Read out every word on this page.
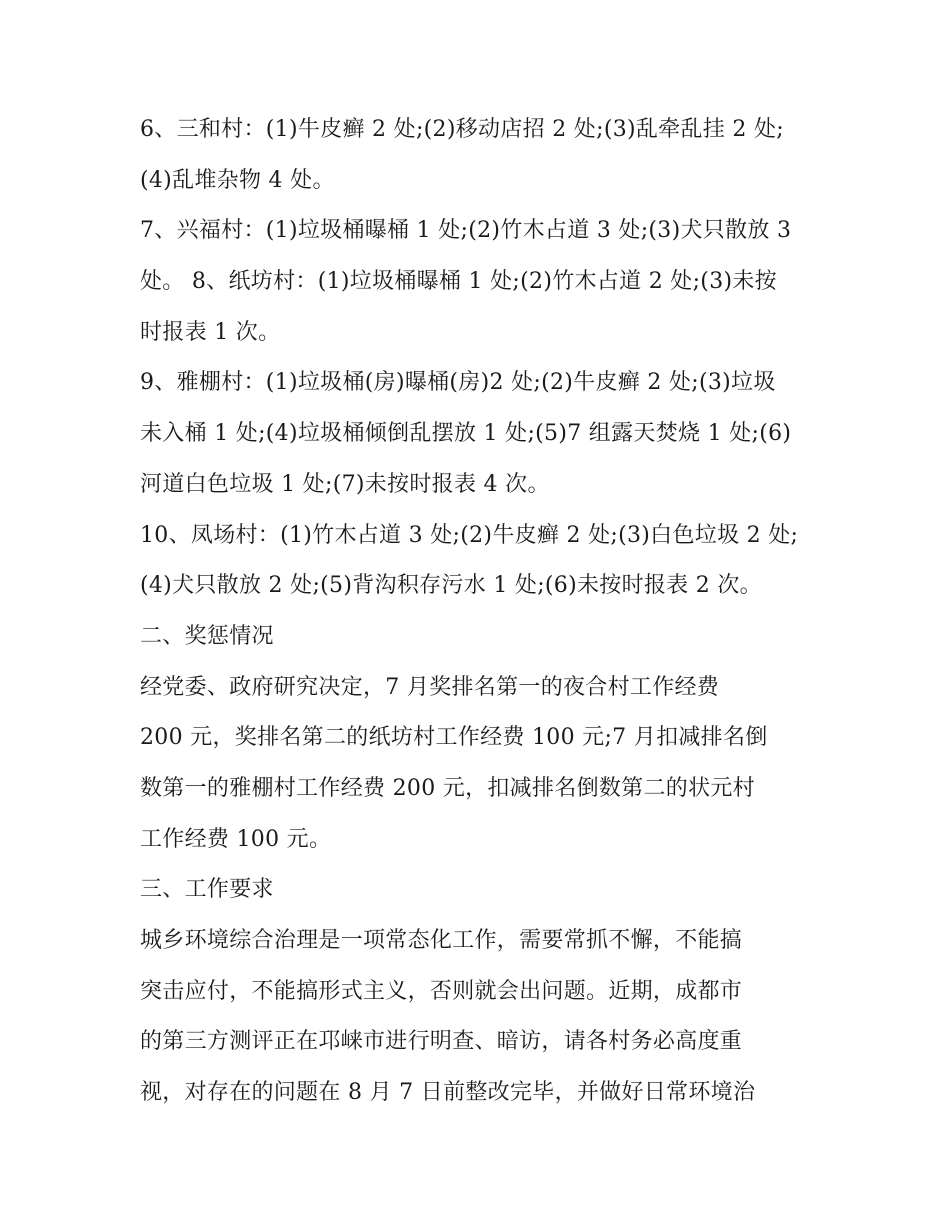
6、三和村：(1)牛皮癣 2 处;(2)移动店招 2 处;(3)乱牵乱挂 2 处;
(4)乱堆杂物 4 处。
7、兴福村：(1)垃圾桶曝桶 1 处;(2)竹木占道 3 处;(3)犬只散放 3
处。 8、纸坊村：(1)垃圾桶曝桶 1 处;(2)竹木占道 2 处;(3)未按
时报表 1 次。
9、雅棚村：(1)垃圾桶(房)曝桶(房)2 处;(2)牛皮癣 2 处;(3)垃圾
未入桶 1 处;(4)垃圾桶倾倒乱摆放 1 处;(5)7 组露天焚烧 1 处;(6)
河道白色垃圾 1 处;(7)未按时报表 4 次。
10、凤场村：(1)竹木占道 3 处;(2)牛皮癣 2 处;(3)白色垃圾 2 处;
(4)犬只散放 2 处;(5)背沟积存污水 1 处;(6)未按时报表 2 次。
二、奖惩情况
经党委、政府研究决定，7 月奖排名第一的夜合村工作经费
200 元，奖排名第二的纸坊村工作经费 100 元;7 月扣减排名倒
数第一的雅棚村工作经费 200 元，扣减排名倒数第二的状元村
工作经费 100 元。
三、工作要求
城乡环境综合治理是一项常态化工作，需要常抓不懈，不能搞
突击应付，不能搞形式主义，否则就会出问题。近期，成都市
的第三方测评正在邛崃市进行明查、暗访，请各村务必高度重
视，对存在的问题在 8 月 7 日前整改完毕，并做好日常环境治
